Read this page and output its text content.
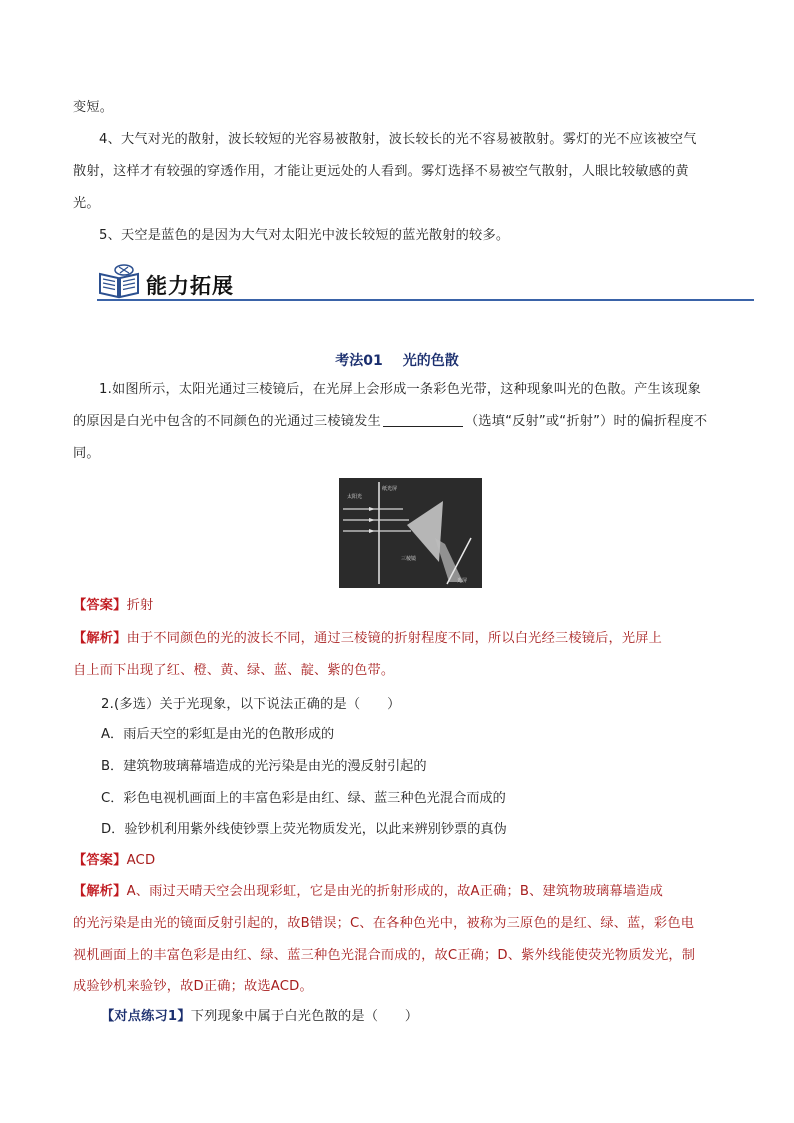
变短。
4、大气对光的散射，波长较短的光容易被散射，波长较长的光不容易被散射。雾灯的光不应该被空气
散射，这样才有较强的穿透作用，才能让更远处的人看到。雾灯选择不易被空气散射，人眼比较敏感的黄
光。
5、天空是蓝色的是因为大气对太阳光中波长较短的蓝光散射的较多。
能力拓展
考法01 光的色散
1.如图所示，太阳光通过三棱镜后，在光屏上会形成一条彩色光带，这种现象叫光的色散。产生该现象
的原因是白光中包含的不同颜色的光通过三棱镜发生	（选填“反射”或“折射”）时的偏折程度不
同。
太阳光
纸光屏
三棱镜
光屏
【答案】折射
【解析】由于不同颜色的光的波长不同，通过三棱镜的折射程度不同，所以白光经三棱镜后，光屏上
自上而下出现了红、橙、黄、绿、蓝、靛、紫的色带。
2.(多选）关于光现象，以下说法正确的是（　　）
A．雨后天空的彩虹是由光的色散形成的
B．建筑物玻璃幕墙造成的光污染是由光的漫反射引起的
C．彩色电视机画面上的丰富色彩是由红、绿、蓝三种色光混合而成的
D．验钞机利用紫外线使钞票上荧光物质发光，以此来辨别钞票的真伪
【答案】ACD
【解析】A、雨过天晴天空会出现彩虹，它是由光的折射形成的，故A正确；B、建筑物玻璃幕墙造成
的光污染是由光的镜面反射引起的，故B错误；C、在各种色光中，被称为三原色的是红、绿、蓝，彩色电
视机画面上的丰富色彩是由红、绿、蓝三种色光混合而成的，故C正确；D、紫外线能使荧光物质发光，制
成验钞机来验钞，故D正确；故选ACD。
【对点练习1】下列现象中属于白光色散的是（　　）
